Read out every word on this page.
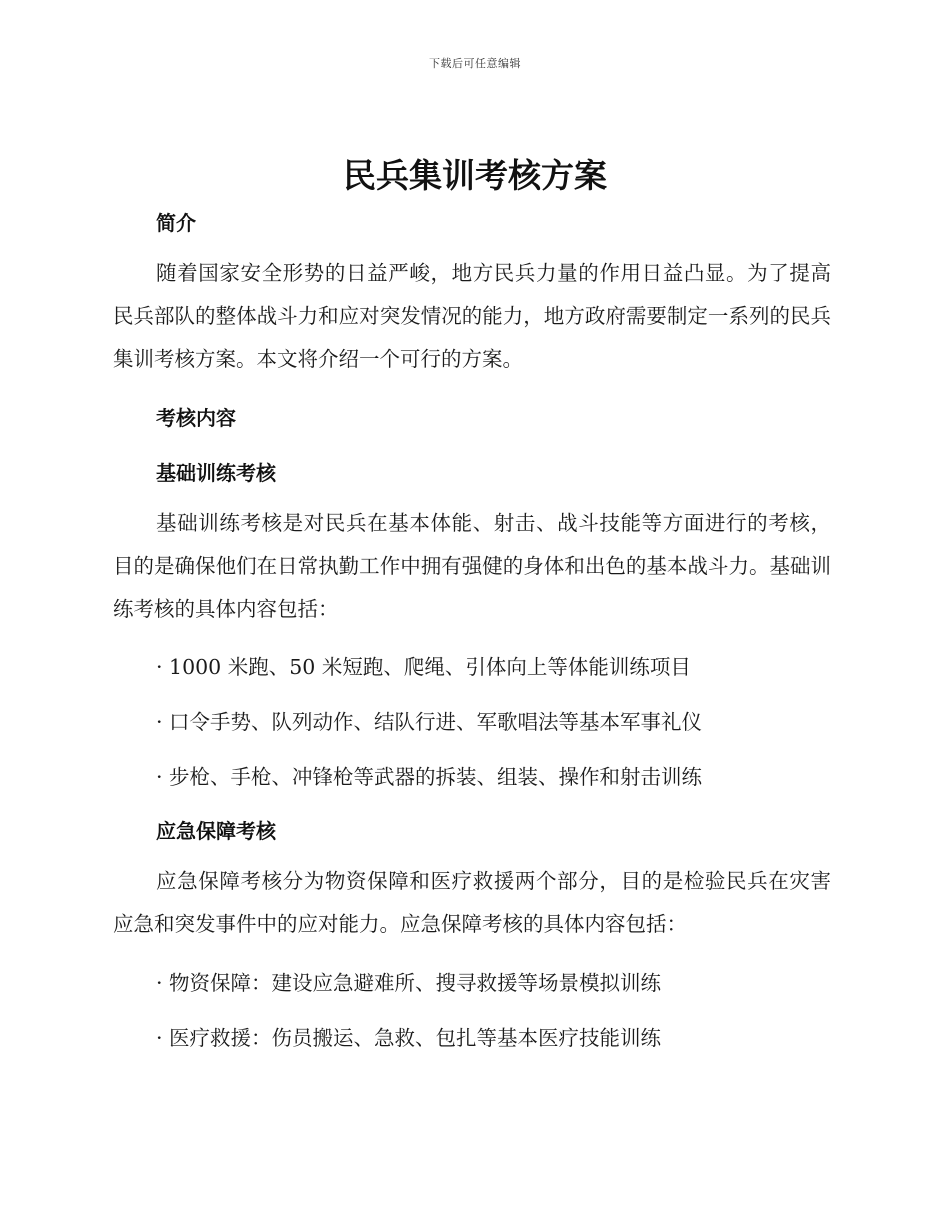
下载后可任意编辑
民兵集训考核方案
简介

随着国家安全形势的日益严峻，地方民兵力量的作用日益凸显。为了提高民兵部队的整体战斗力和应对突发情况的能力，地方政府需要制定一系列的民兵集训考核方案。本文将介绍一个可行的方案。

考核内容
基础训练考核

基础训练考核是对民兵在基本体能、射击、战斗技能等方面进行的考核，目的是确保他们在日常执勤工作中拥有强健的身体和出色的基本战斗力。基础训练考核的具体内容包括：

· 1000 米跑、50 米短跑、爬绳、引体向上等体能训练项目

· 口令手势、队列动作、结队行进、军歌唱法等基本军事礼仪

· 步枪、手枪、冲锋枪等武器的拆装、组装、操作和射击训练

应急保障考核

应急保障考核分为物资保障和医疗救援两个部分，目的是检验民兵在灾害应急和突发事件中的应对能力。应急保障考核的具体内容包括：

· 物资保障：建设应急避难所、搜寻救援等场景模拟训练

· 医疗救援：伤员搬运、急救、包扎等基本医疗技能训练
